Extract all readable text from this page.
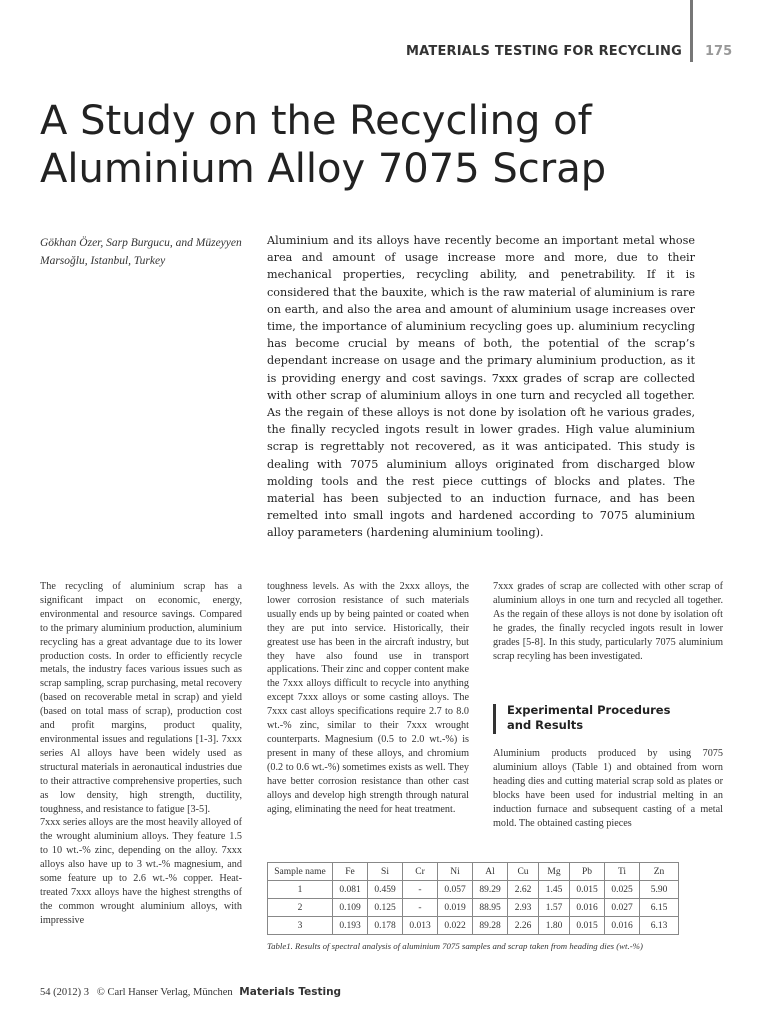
MATERIALS TESTING FOR RECYCLING 175
A Study on the Recycling of Aluminium Alloy 7075 Scrap
Gökhan Özer, Sarp Burgucu, and Müzeyyen Marsoğlu, Istanbul, Turkey
Aluminium and its alloys have recently become an important metal whose area and amount of usage increase more and more, due to their mechanical properties, recycling ability, and penetrability. If it is considered that the bauxite, which is the raw material of aluminium is rare on earth, and also the area and amount of aluminium usage increases over time, the importance of aluminium recycling goes up. aluminium recycling has become crucial by means of both, the potential of the scrap’s dependant increase on usage and the primary aluminium production, as it is providing energy and cost savings. 7xxx grades of scrap are collected with other scrap of aluminium alloys in one turn and recycled all together. As the regain of these alloys is not done by isolation oft he various grades, the finally recycled ingots result in lower grades. High value aluminium scrap is regrettably not recovered, as it was anticipated. This study is dealing with 7075 aluminium alloys originated from discharged blow molding tools and the rest piece cuttings of blocks and plates. The material has been subjected to an induction furnace, and has been remelted into small ingots and hardened according to 7075 aluminium alloy parameters (hardening aluminium tooling).
The recycling of aluminium scrap has a significant impact on economic, energy, environmental and resource savings. Compared to the primary aluminium production, aluminium recycling has a great advantage due to its lower production costs. In order to efficiently recycle metals, the industry faces various issues such as scrap sampling, scrap purchasing, metal recovery (based on recoverable metal in scrap) and yield (based on total mass of scrap), production cost and profit margins, product quality, environmental issues and regulations [1-3]. 7xxx series Al alloys have been widely used as structural materials in aeronautical industries due to their attractive comprehensive properties, such as low density, high strength, ductility, toughness, and resistance to fatigue [3-5].
7xxx series alloys are the most heavily alloyed of the wrought aluminium alloys. They feature 1.5 to 10 wt.-% zinc, depending on the alloy. 7xxx alloys also have up to 3 wt.-% magnesium, and some feature up to 2.6 wt.-% copper. Heat-treated 7xxx alloys have the highest strengths of the common wrought aluminium alloys, with impressive
toughness levels. As with the 2xxx alloys, the lower corrosion resistance of such materials usually ends up by being painted or coated when they are put into service. Historically, their greatest use has been in the aircraft industry, but they have also found use in transport applications. Their zinc and copper content make the 7xxx alloys difficult to recycle into anything except 7xxx alloys or some casting alloys. The 7xxx cast alloys specifications require 2.7 to 8.0 wt.-% zinc, similar to their 7xxx wrought counterparts. Magnesium (0.5 to 2.0 wt.-%) is present in many of these alloys, and chromium (0.2 to 0.6 wt.-%) sometimes exists as well. They have better corrosion resistance than other cast alloys and develop high strength through natural aging, eliminating the need for heat treatment.
7xxx grades of scrap are collected with other scrap of aluminium alloys in one turn and recycled all together. As the regain of these alloys is not done by isolation oft he grades, the finally recycled ingots result in lower grades [5-8]. In this study, particularly 7075 aluminium scrap recyling has been investigated.
Experimental Procedures
and Results
Aluminium products produced by using 7075 aluminium alloys (Table 1) and obtained from worn heading dies and cutting material scrap sold as plates or blocks have been used for industrial melting in an induction furnace and subsequent casting of a metal mold. The obtained casting pieces
Sample name	Fe	Si	Cr	Ni	Al	Cu	Mg	Pb	Ti	Zn
1	0.081	0.459	-	0.057	89.29	2.62	1.45	0.015	0.025	5.90
2	0.109	0.125	-	0.019	88.95	2.93	1.57	0.016	0.027	6.15
3	0.193	0.178	0.013	0.022	89.28	2.26	1.80	0.015	0.016	6.13
Table1. Results of spectral analysis of aluminium 7075 samples and scrap taken from heading dies (wt.-%)
54 (2012) 3   © Carl Hanser Verlag, München Materials Testing
